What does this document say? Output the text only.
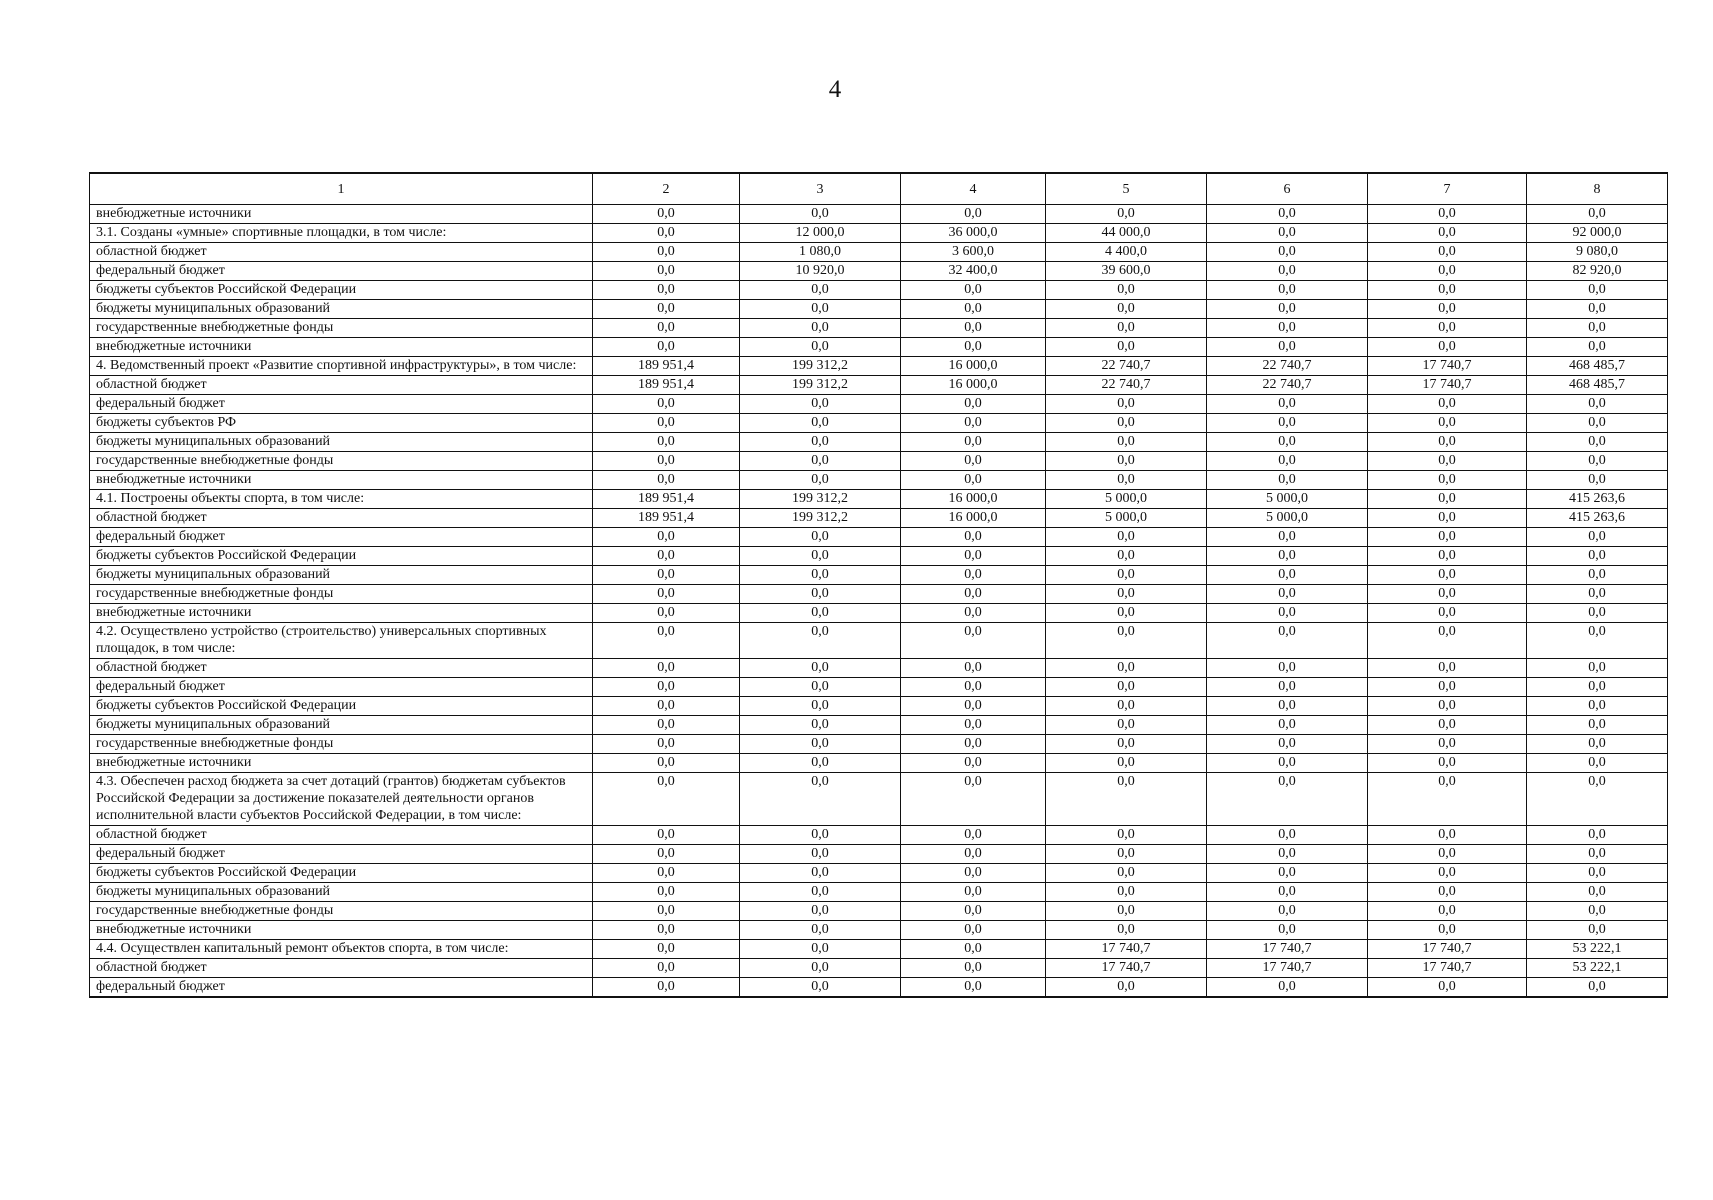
4
1	2	3	4	5	6	7	8
внебюджетные источники	0,0	0,0	0,0	0,0	0,0	0,0	0,0
3.1. Созданы «умные» спортивные площадки, в том числе:	0,0	12 000,0	36 000,0	44 000,0	0,0	0,0	92 000,0
областной бюджет	0,0	1 080,0	3 600,0	4 400,0	0,0	0,0	9 080,0
федеральный бюджет	0,0	10 920,0	32 400,0	39 600,0	0,0	0,0	82 920,0
бюджеты субъектов Российской Федерации	0,0	0,0	0,0	0,0	0,0	0,0	0,0
бюджеты муниципальных образований	0,0	0,0	0,0	0,0	0,0	0,0	0,0
государственные внебюджетные фонды	0,0	0,0	0,0	0,0	0,0	0,0	0,0
внебюджетные источники	0,0	0,0	0,0	0,0	0,0	0,0	0,0
4. Ведомственный проект «Развитие спортивной инфраструктуры», в том числе:	189 951,4	199 312,2	16 000,0	22 740,7	22 740,7	17 740,7	468 485,7
областной бюджет	189 951,4	199 312,2	16 000,0	22 740,7	22 740,7	17 740,7	468 485,7
федеральный бюджет	0,0	0,0	0,0	0,0	0,0	0,0	0,0
бюджеты субъектов РФ	0,0	0,0	0,0	0,0	0,0	0,0	0,0
бюджеты муниципальных образований	0,0	0,0	0,0	0,0	0,0	0,0	0,0
государственные внебюджетные фонды	0,0	0,0	0,0	0,0	0,0	0,0	0,0
внебюджетные источники	0,0	0,0	0,0	0,0	0,0	0,0	0,0
4.1. Построены объекты спорта, в том числе:	189 951,4	199 312,2	16 000,0	5 000,0	5 000,0	0,0	415 263,6
областной бюджет	189 951,4	199 312,2	16 000,0	5 000,0	5 000,0	0,0	415 263,6
федеральный бюджет	0,0	0,0	0,0	0,0	0,0	0,0	0,0
бюджеты субъектов Российской Федерации	0,0	0,0	0,0	0,0	0,0	0,0	0,0
бюджеты муниципальных образований	0,0	0,0	0,0	0,0	0,0	0,0	0,0
государственные внебюджетные фонды	0,0	0,0	0,0	0,0	0,0	0,0	0,0
внебюджетные источники	0,0	0,0	0,0	0,0	0,0	0,0	0,0
4.2. Осуществлено устройство (строительство) универсальных спортивных площадок, в том числе:	0,0	0,0	0,0	0,0	0,0	0,0	0,0
областной бюджет	0,0	0,0	0,0	0,0	0,0	0,0	0,0
федеральный бюджет	0,0	0,0	0,0	0,0	0,0	0,0	0,0
бюджеты субъектов Российской Федерации	0,0	0,0	0,0	0,0	0,0	0,0	0,0
бюджеты муниципальных образований	0,0	0,0	0,0	0,0	0,0	0,0	0,0
государственные внебюджетные фонды	0,0	0,0	0,0	0,0	0,0	0,0	0,0
внебюджетные источники	0,0	0,0	0,0	0,0	0,0	0,0	0,0
4.3. Обеспечен расход бюджета за счет дотаций (грантов) бюджетам субъектов Российской Федерации за достижение показателей деятельности органов исполнительной власти субъектов Российской Федерации, в том числе:	0,0	0,0	0,0	0,0	0,0	0,0	0,0
областной бюджет	0,0	0,0	0,0	0,0	0,0	0,0	0,0
федеральный бюджет	0,0	0,0	0,0	0,0	0,0	0,0	0,0
бюджеты субъектов Российской Федерации	0,0	0,0	0,0	0,0	0,0	0,0	0,0
бюджеты муниципальных образований	0,0	0,0	0,0	0,0	0,0	0,0	0,0
государственные внебюджетные фонды	0,0	0,0	0,0	0,0	0,0	0,0	0,0
внебюджетные источники	0,0	0,0	0,0	0,0	0,0	0,0	0,0
4.4. Осуществлен капитальный ремонт объектов спорта, в том числе:	0,0	0,0	0,0	17 740,7	17 740,7	17 740,7	53 222,1
областной бюджет	0,0	0,0	0,0	17 740,7	17 740,7	17 740,7	53 222,1
федеральный бюджет	0,0	0,0	0,0	0,0	0,0	0,0	0,0
